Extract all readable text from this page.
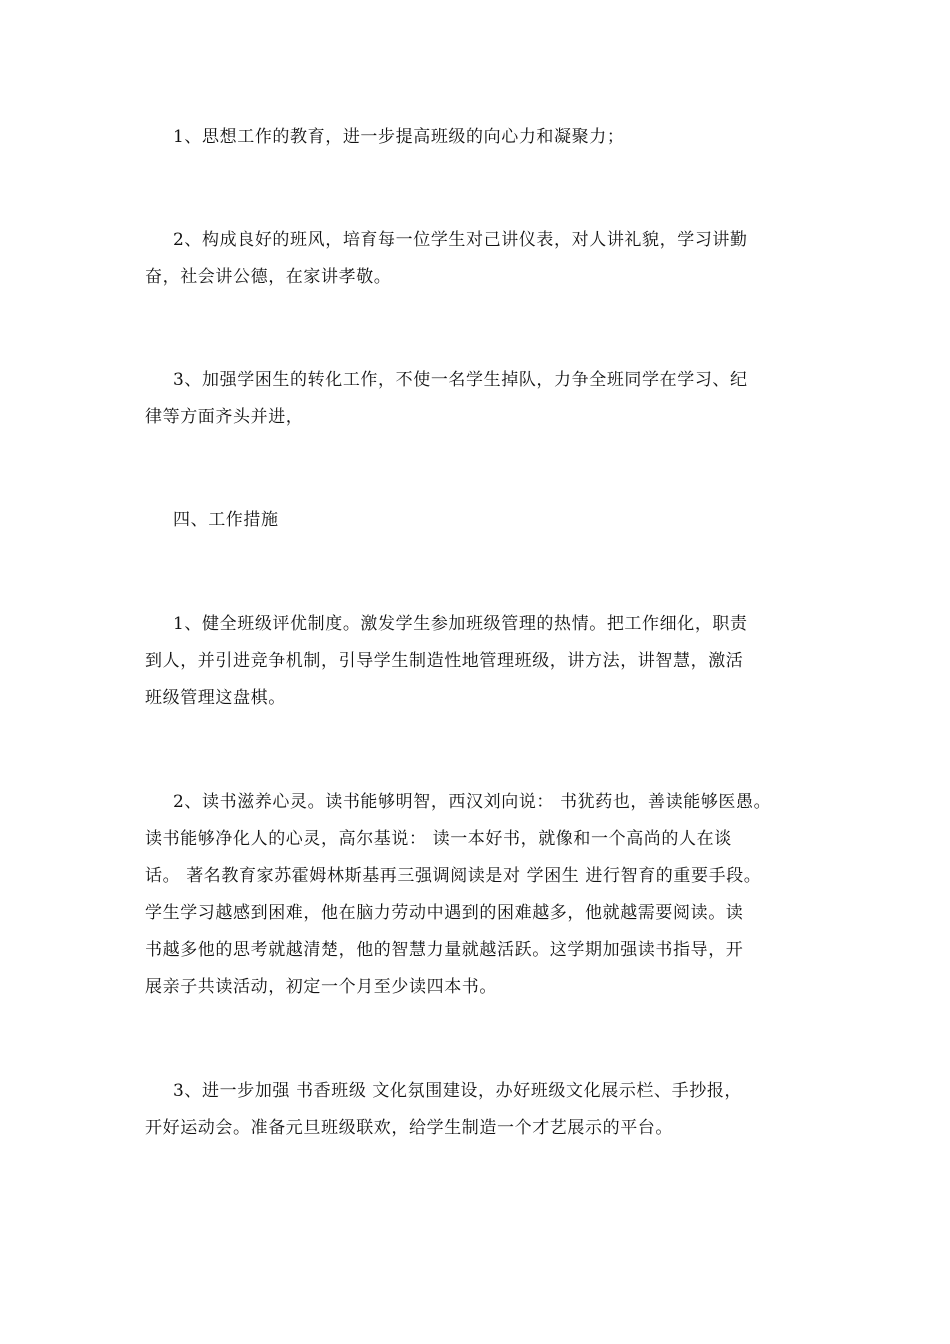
1、思想工作的教育，进一步提高班级的向心力和凝聚力；
2、构成良好的班风，培育每一位学生对己讲仪表，对人讲礼貌，学习讲勤
奋，社会讲公德，在家讲孝敬。
3、加强学困生的转化工作，不使一名学生掉队，力争全班同学在学习、纪
律等方面齐头并进，
四、工作措施
1、健全班级评优制度。激发学生参加班级管理的热情。把工作细化，职责
到人，并引进竞争机制，引导学生制造性地管理班级，讲方法，讲智慧，激活
班级管理这盘棋。
2、读书滋养心灵。读书能够明智，西汉刘向说： 书犹药也，善读能够医愚。
读书能够净化人的心灵，高尔基说： 读一本好书，就像和一个高尚的人在谈
话。 著名教育家苏霍姆林斯基再三强调阅读是对 学困生 进行智育的重要手段。
学生学习越感到困难，他在脑力劳动中遇到的困难越多，他就越需要阅读。读
书越多他的思考就越清楚，他的智慧力量就越活跃。这学期加强读书指导，开
展亲子共读活动，初定一个月至少读四本书。
3、进一步加强 书香班级 文化氛围建设，办好班级文化展示栏、手抄报，
开好运动会。准备元旦班级联欢，给学生制造一个才艺展示的平台。
